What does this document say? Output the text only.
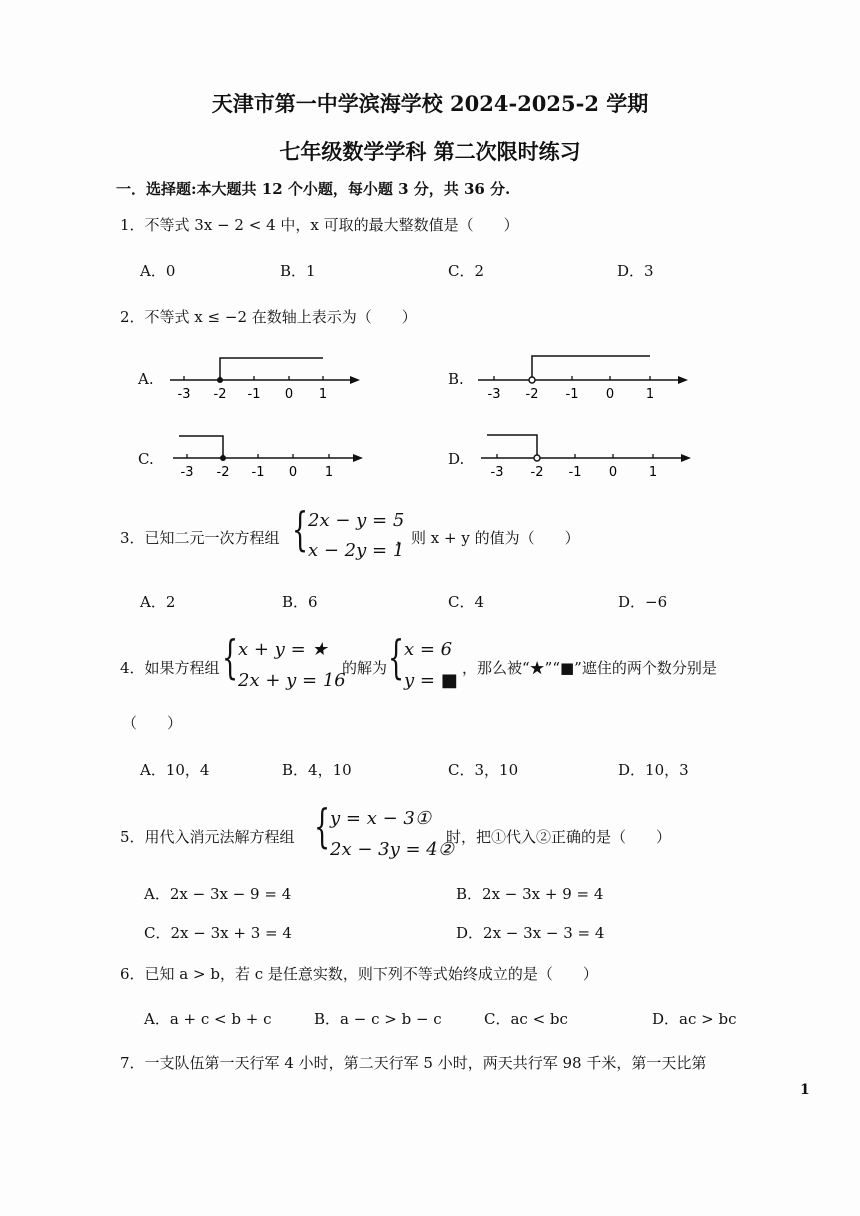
天津市第一中学滨海学校 2024-2025-2 学期
七年级数学学科 第二次限时练习
一．选择题:本大题共 12 个小题，每小题 3 分，共 36 分.
1．不等式 3x − 2 < 4 中，x 可取的最大整数值是（　　）
A．0	B．1	C．2	D．3
2．不等式 x ≤ −2 在数轴上表示为（　　）
A.
-3 -2 -1 0 1
B.
-3 -2 -1 0 1
C.
-3 -2 -1 0 1
D.
-3 -2 -1 0 1
3．已知二元一次方程组 { 2x − y = 5
x − 2y = 1
，则 x + y 的值为（　　）
A．2	B．6	C．4	D．−6
4．如果方程组 { x + y = ★
2x + y = 16
的解为 { x = 6
y = ■
，那么被“★”“■”遮住的两个数分别是
（　　）
A．10，4	B．4，10	C．3，10	D．10，3
5．用代入消元法解方程组 { y = x − 3①
2x − 3y = 4②
时，把①代入②正确的是（　　）
A．2x − 3x − 9 = 4	B．2x − 3x + 9 = 4
C．2x − 3x + 3 = 4	D．2x − 3x − 3 = 4
6．已知 a > b，若 c 是任意实数，则下列不等式始终成立的是（　　）
A．a + c < b + c	B．a − c > b − c	C．ac < bc	D．ac > bc
7．一支队伍第一天行军 4 小时，第二天行军 5 小时，两天共行军 98 千米，第一天比第
1
